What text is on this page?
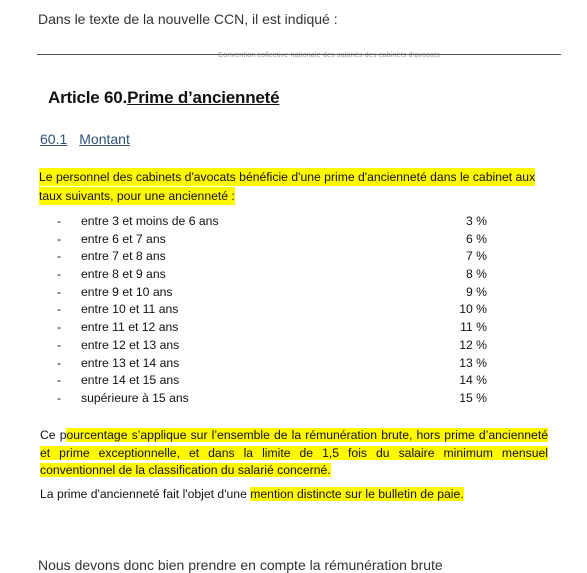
Dans le texte de la nouvelle CCN, il est indiqué :
Convention collective nationale des salariés des cabinets d’avocats
Article 60.Prime d’ancienneté
60.1 Montant
Le personnel des cabinets d'avocats bénéficie d'une prime d'ancienneté dans le cabinet aux taux suivants, pour une ancienneté :
- entre 3 et moins de 6 ans	3 %
- entre 6 et 7 ans	6 %
- entre 7 et 8 ans	7 %
- entre 8 et 9 ans	8 %
- entre 9 et 10 ans	9 %
- entre 10 et 11 ans	10 %
- entre 11 et 12 ans	11 %
- entre 12 et 13 ans	12 %
- entre 13 et 14 ans	13 %
- entre 14 et 15 ans	14 %
- supérieure à 15 ans	15 %
Ce pourcentage s’applique sur l’ensemble de la rémunération brute, hors prime d’ancienneté et prime exceptionnelle, et dans la limite de 1,5 fois du salaire minimum mensuel conventionnel de la classification du salarié concerné.
La prime d'ancienneté fait l'objet d'une mention distincte sur le bulletin de paie.
Nous devons donc bien prendre en compte la rémunération brute
